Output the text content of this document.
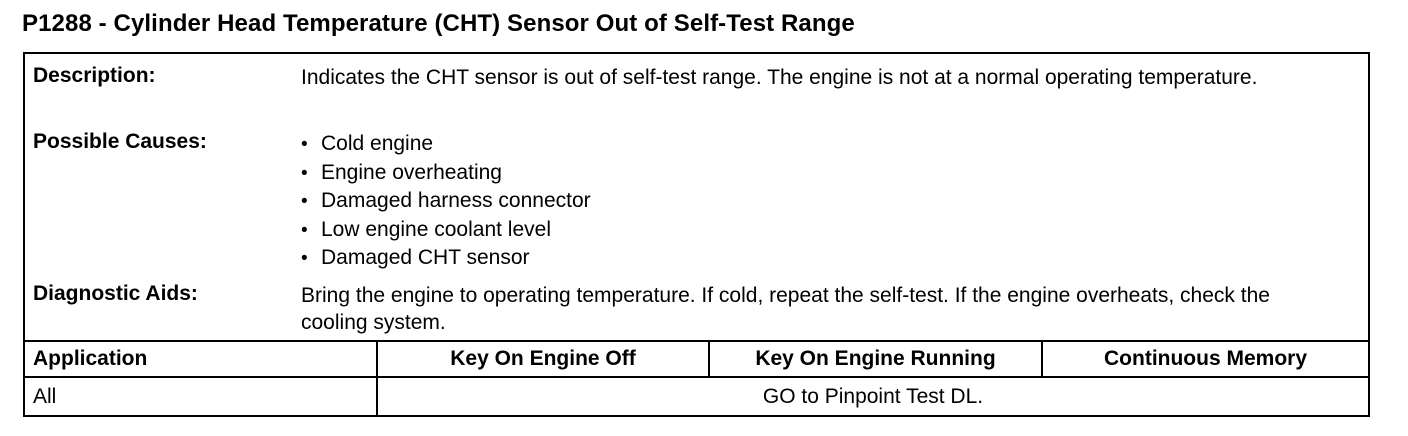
P1288 - Cylinder Head Temperature (CHT) Sensor Out of Self-Test Range
Description:	Indicates the CHT sensor is out of self-test range. The engine is not at a normal operating temperature.
Possible Causes:
•	Cold engine
• Engine overheating
• Damaged harness connector
• Low engine coolant level
• Damaged CHT sensor
Diagnostic Aids:	Bring the engine to operating temperature. If cold, repeat the self-test. If the engine overheats, check the cooling system.
Application	Key On Engine Off	Key On Engine Running	Continuous Memory
All	GO to Pinpoint Test DL.
